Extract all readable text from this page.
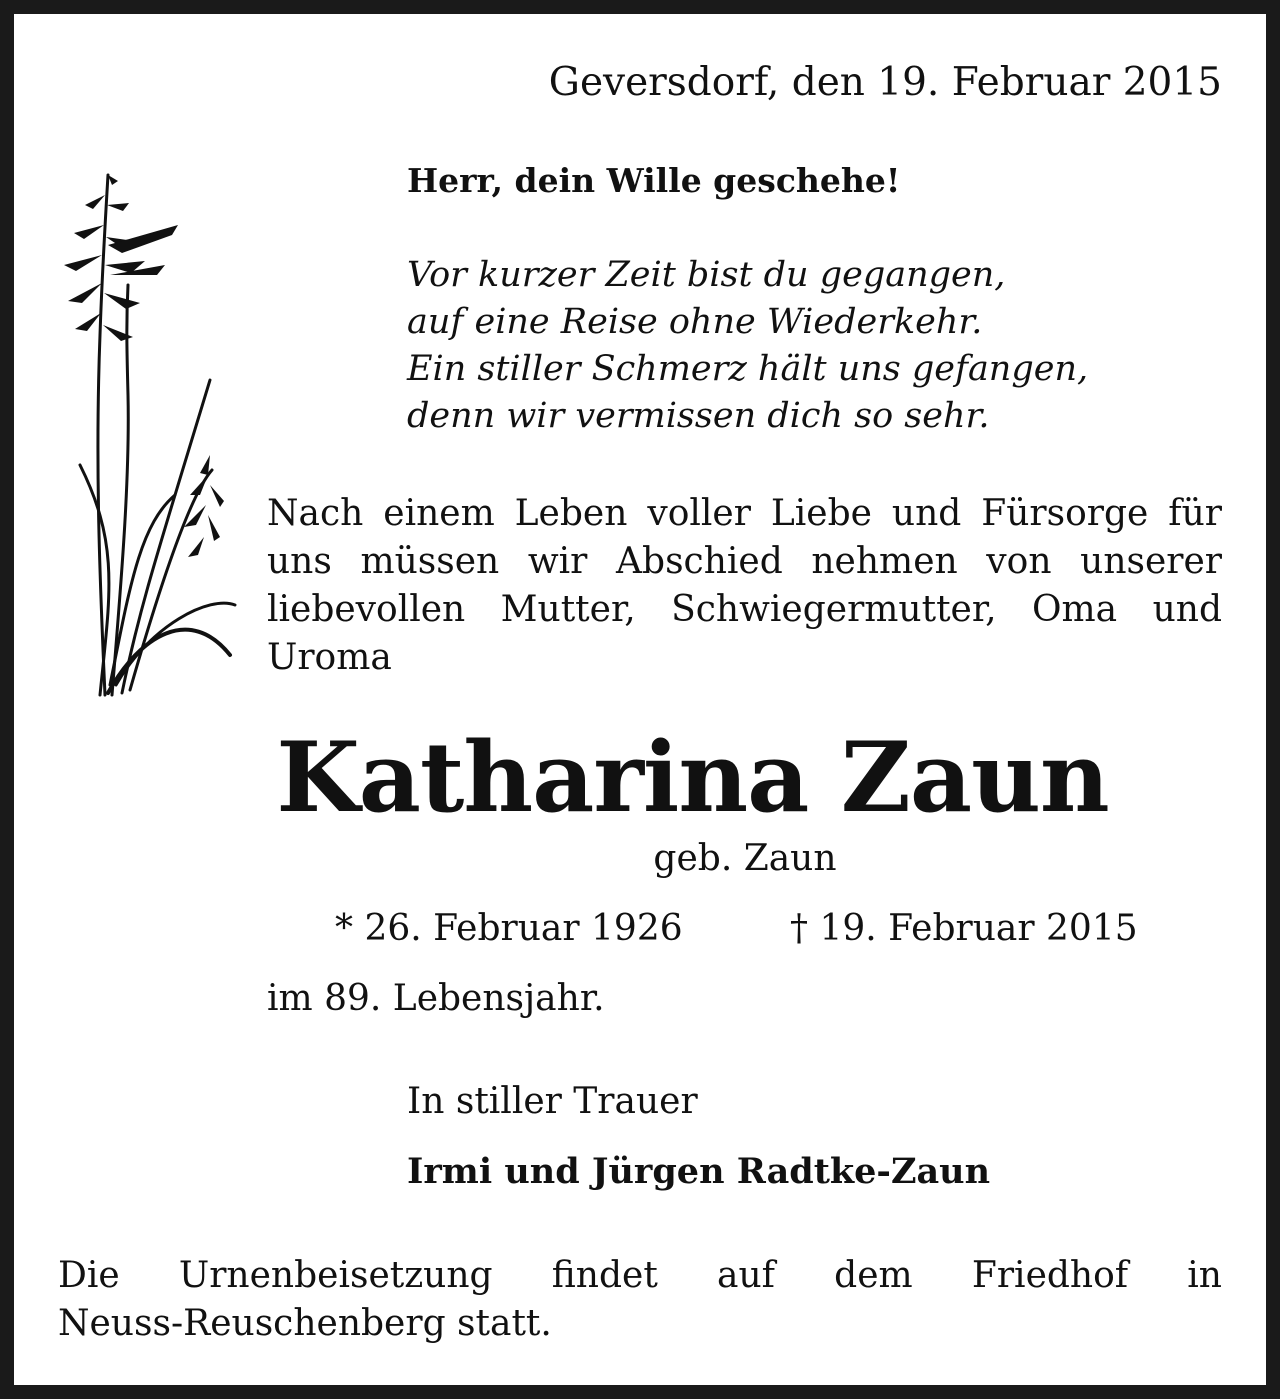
Geversdorf, den 19. Februar 2015
Herr, dein Wille geschehe!
Vor kurzer Zeit bist du gegangen,
auf eine Reise ohne Wiederkehr.
Ein stiller Schmerz hält uns gefangen,
denn wir vermissen dich so sehr.
Nach einem Leben voller Liebe und Fürsorge für uns müssen wir Abschied nehmen von unserer liebevollen Mutter, Schwiegermutter, Oma und Uroma
Katharina Zaun
geb. Zaun
* 26. Februar 1926	† 19. Februar 2015
im 89. Lebensjahr.
In stiller Trauer
Irmi und Jürgen Radtke-Zaun
Die Urnenbeisetzung findet auf dem Friedhof in
Neuss-Reuschenberg statt.
